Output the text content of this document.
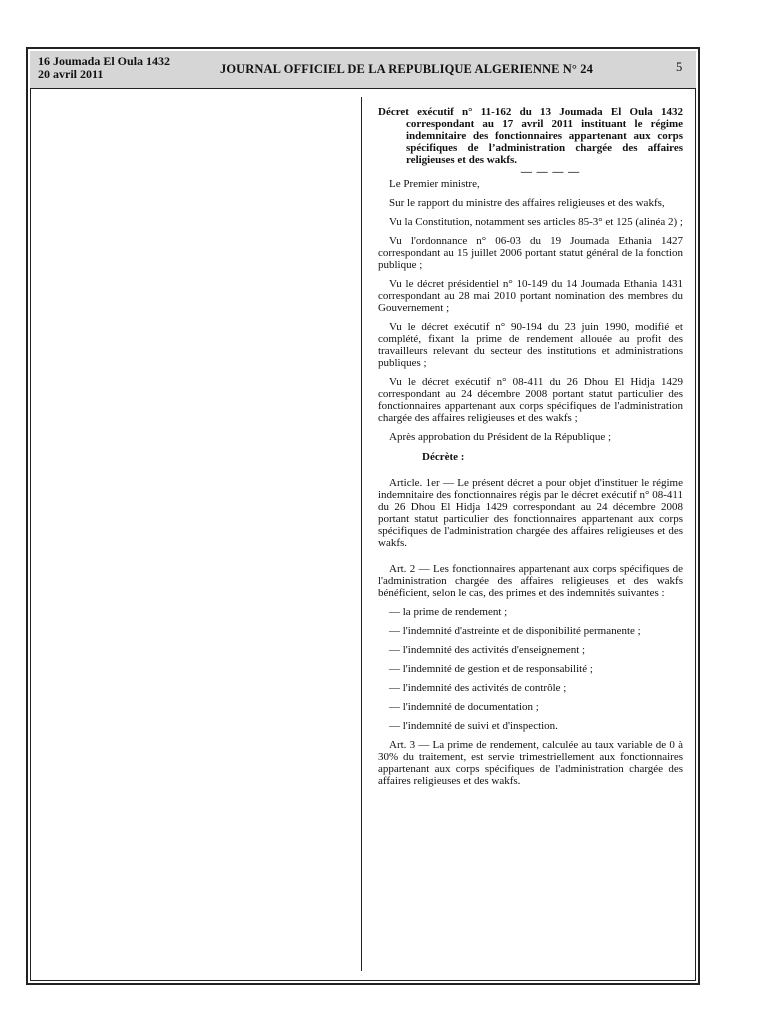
16 Joumada El Oula 1432
20 avril 2011	JOURNAL OFFICIEL DE LA REPUBLIQUE ALGERIENNE N° 24	5

Décret exécutif n° 11-162 du 13 Joumada El Oula 1432 correspondant au 17 avril 2011 instituant le régime indemnitaire des fonctionnaires appartenant aux corps spécifiques de l’administration chargée des affaires religieuses et des wakfs.

— — — —

Le Premier ministre,

Sur le rapport du ministre des affaires religieuses et des wakfs,

Vu la Constitution, notamment ses articles 85-3° et 125 (alinéa 2) ;

Vu l'ordonnance n° 06-03 du 19 Joumada Ethania 1427 correspondant au 15 juillet 2006 portant statut général de la fonction publique ;

Vu le décret présidentiel n° 10-149 du 14 Joumada Ethania 1431 correspondant au 28 mai 2010 portant nomination des membres du Gouvernement ;

Vu le décret exécutif n° 90-194 du 23 juin 1990, modifié et complété, fixant la prime de rendement allouée au profit des travailleurs relevant du secteur des institutions et administrations publiques ;

Vu le décret exécutif n° 08-411 du 26 Dhou El Hidja 1429 correspondant au 24 décembre 2008 portant statut particulier des fonctionnaires appartenant aux corps spécifiques de l'administration chargée des affaires religieuses et des wakfs ;

Après approbation du Président de la République ;

Décrète :

Article. 1er — Le présent décret a pour objet d'instituer le régime indemnitaire des fonctionnaires régis par le décret exécutif n° 08-411 du 26 Dhou El Hidja 1429 correspondant au 24 décembre 2008 portant statut particulier des fonctionnaires appartenant aux corps spécifiques de l'administration chargée des affaires religieuses et des wakfs.

Art. 2 — Les fonctionnaires appartenant aux corps spécifiques de l'administration chargée des affaires religieuses et des wakfs bénéficient, selon le cas, des primes et des indemnités suivantes :

— la prime de rendement ;

— l'indemnité d'astreinte et de disponibilité permanente ;

— l'indemnité des activités d'enseignement ;

— l'indemnité de gestion et de responsabilité ;

— l'indemnité des activités de contrôle ;

— l'indemnité de documentation ;

— l'indemnité de suivi et d'inspection.

Art. 3 — La prime de rendement, calculée au taux variable de 0 à 30% du traitement, est servie trimestriellement aux fonctionnaires appartenant aux corps spécifiques de l'administration chargée des affaires religieuses et des wakfs.
